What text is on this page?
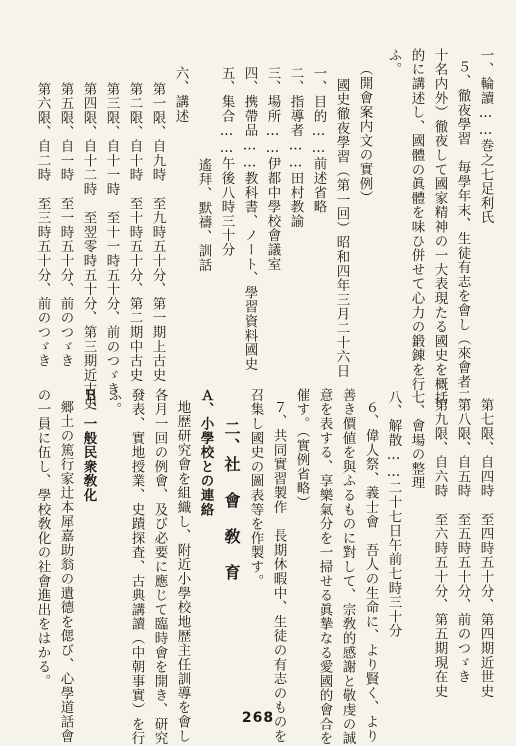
一、輪讀……巻之七足利氏
５、徹夜學習　毎學年末、生徒有志を會し（來會者二
十名内外）徹夜して國家精神の一大表現たる國史を概括
的に講述し、國體の眞體を味ひ併せて心力の鍛錬を行
ふ。
（開會案内文の實例）
國史徹夜學習（第一回）昭和四年三月二十六日
一、目的……前述省略
二、指導者……田村教諭
三、場所……伊都中學校會議室
四、携帶品……教科書、ノート、學習資料國史
五、集合……午後八時三十分
遙拜、默禱、訓話
六、講述
第一限、自九時　至九時五十分、第一期上古史
第二限、自十時　至十時五十分、第二期中古史
第三限、自十一時　至十一時五十分、前のつゞき
第四限、自十二時　至翌零時五十分、第三期近古史
第五限、自一時　至一時五十分、前のつゞき
第六限、自二時　至三時五十分、前のつゞき
第七限、自四時　至四時五十分、第四期近世史
第八限、自五時　至五時五十分、前のつゞき
第九限、自六時　至六時五十分、第五期現在史
七、會場の整理
八、解散……二十七日午前七時三十分
６、偉人祭、義士會　吾人の生命に、より賢く、より
善き價値を與ふるものに對して、宗敎的感謝と敬虔の誠
意を表する、享樂氣分を一掃せる眞摯なる愛國的會合を
催す。（實例省略）
７、共同實習製作　長期休暇中、生徒の有志のものを
召集し國史の圖表等を作製す。
二、社　會　敎　育
Ａ、小學校との連絡
地歴研究會を組織し、附近小學校地歴主任訓導を會し
各月一回の例會、及び必要に應じて臨時會を開き、研究
發表、實地授業、史蹟探査、古典講讀（中朝事實）を行
ふ。
Ｂ、一般民衆敎化
郷土の篤行家辻本犀嘉助翁の遺德を偲び、心學道話會
の一員に伍し、學校敎化の社會進出をはかる。
268
